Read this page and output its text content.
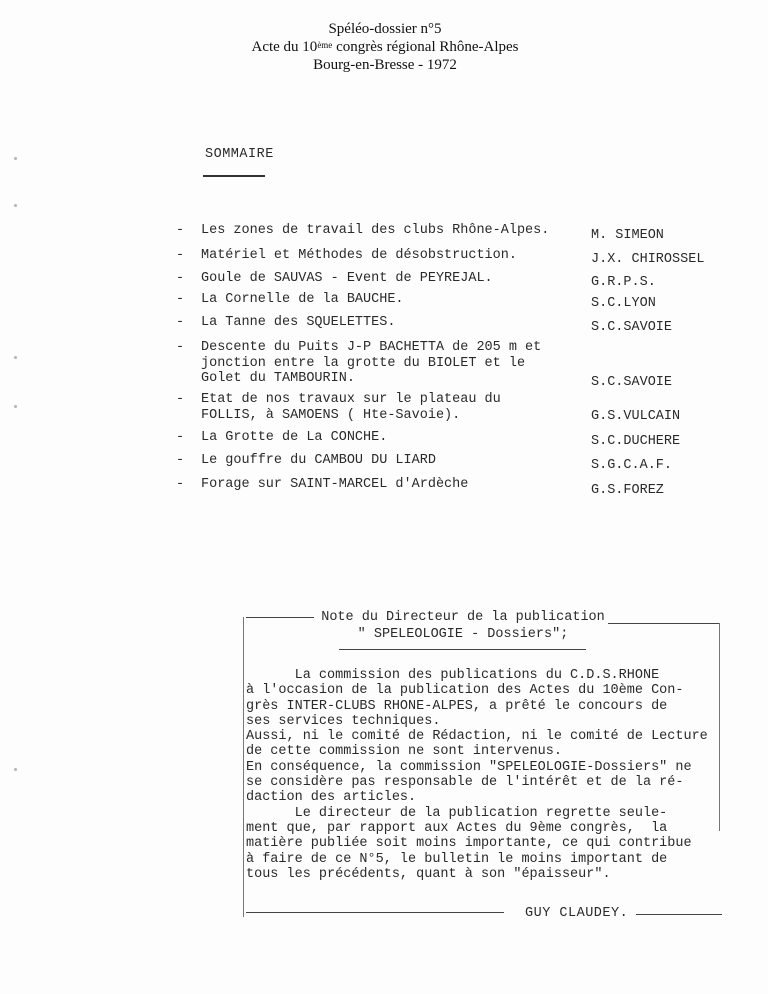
Spéléo-dossier n°5
Acte du 10ème congrès régional Rhône-Alpes
Bourg-en-Bresse - 1972
SOMMAIRE
- Les zones de travail des clubs Rhône-Alpes.	M. SIMEON
- Matériel et Méthodes de désobstruction.	J.X. CHIROSSEL
- Goule de SAUVAS - Event de PEYREJAL.	G.R.P.S.
- La Cornelle de la BAUCHE.	S.C.LYON
- La Tanne des SQUELETTES.	S.C.SAVOIE
- Descente du Puits J-P BACHETTA de 205 m et
jonction entre la grotte du BIOLET et le
Golet du TAMBOURIN.	S.C.SAVOIE
- Etat de nos travaux sur le plateau du
FOLLIS, à SAMOENS ( Hte-Savoie).	G.S.VULCAIN
- La Grotte de La CONCHE.	S.C.DUCHERE
- Le gouffre du CAMBOU DU LIARD	S.G.C.A.F.
- Forage sur SAINT-MARCEL d'Ardèche	G.S.FOREZ
Note du Directeur de la publication
" SPELEOLOGIE - Dossiers";

La commission des publications du C.D.S.RHONE

à l'occasion de la publication des Actes du 10ème Con-

grès INTER-CLUBS RHONE-ALPES, a prêté le concours de

ses services techniques.

Aussi, ni le comité de Rédaction, ni le comité de Lecture

de cette commission ne sont intervenus.

En conséquence, la commission "SPELEOLOGIE-Dossiers" ne

se considère pas responsable de l'intérêt et de la ré-

daction des articles.

Le directeur de la publication regrette seule-

ment que, par rapport aux Actes du 9ème congrès,  la

matière publiée soit moins importante, ce qui contribue

à faire de ce N°5, le bulletin le moins important de

tous les précédents, quant à son "épaisseur".

GUY CLAUDEY.
